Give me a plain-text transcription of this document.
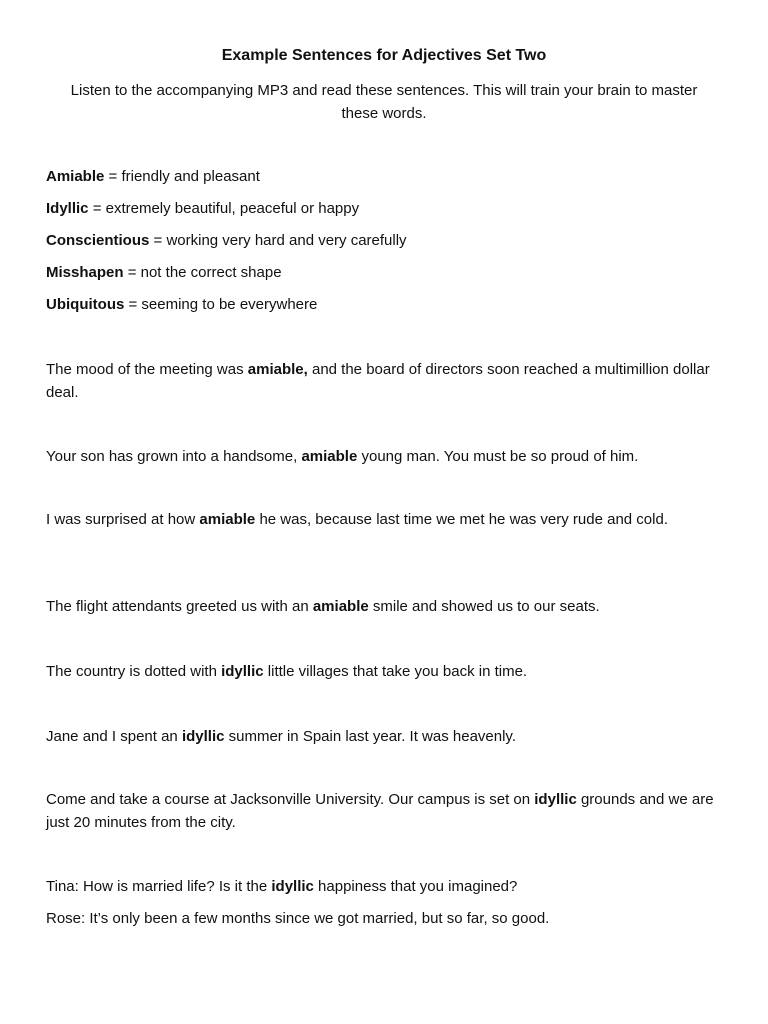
Example Sentences for Adjectives Set Two
Listen to the accompanying MP3 and read these sentences. This will train your brain to master these words.
Amiable = friendly and pleasant
Idyllic = extremely beautiful, peaceful or happy
Conscientious = working very hard and very carefully
Misshapen = not the correct shape
Ubiquitous = seeming to be everywhere
The mood of the meeting was amiable, and the board of directors soon reached a multimillion dollar deal.
Your son has grown into a handsome, amiable young man. You must be so proud of him.
I was surprised at how amiable he was, because last time we met he was very rude and cold.
The flight attendants greeted us with an amiable smile and showed us to our seats.
The country is dotted with idyllic little villages that take you back in time.
Jane and I spent an idyllic summer in Spain last year. It was heavenly.
Come and take a course at Jacksonville University. Our campus is set on idyllic grounds and we are just 20 minutes from the city.
Tina: How is married life? Is it the idyllic happiness that you imagined?
Rose: It’s only been a few months since we got married, but so far, so good.
